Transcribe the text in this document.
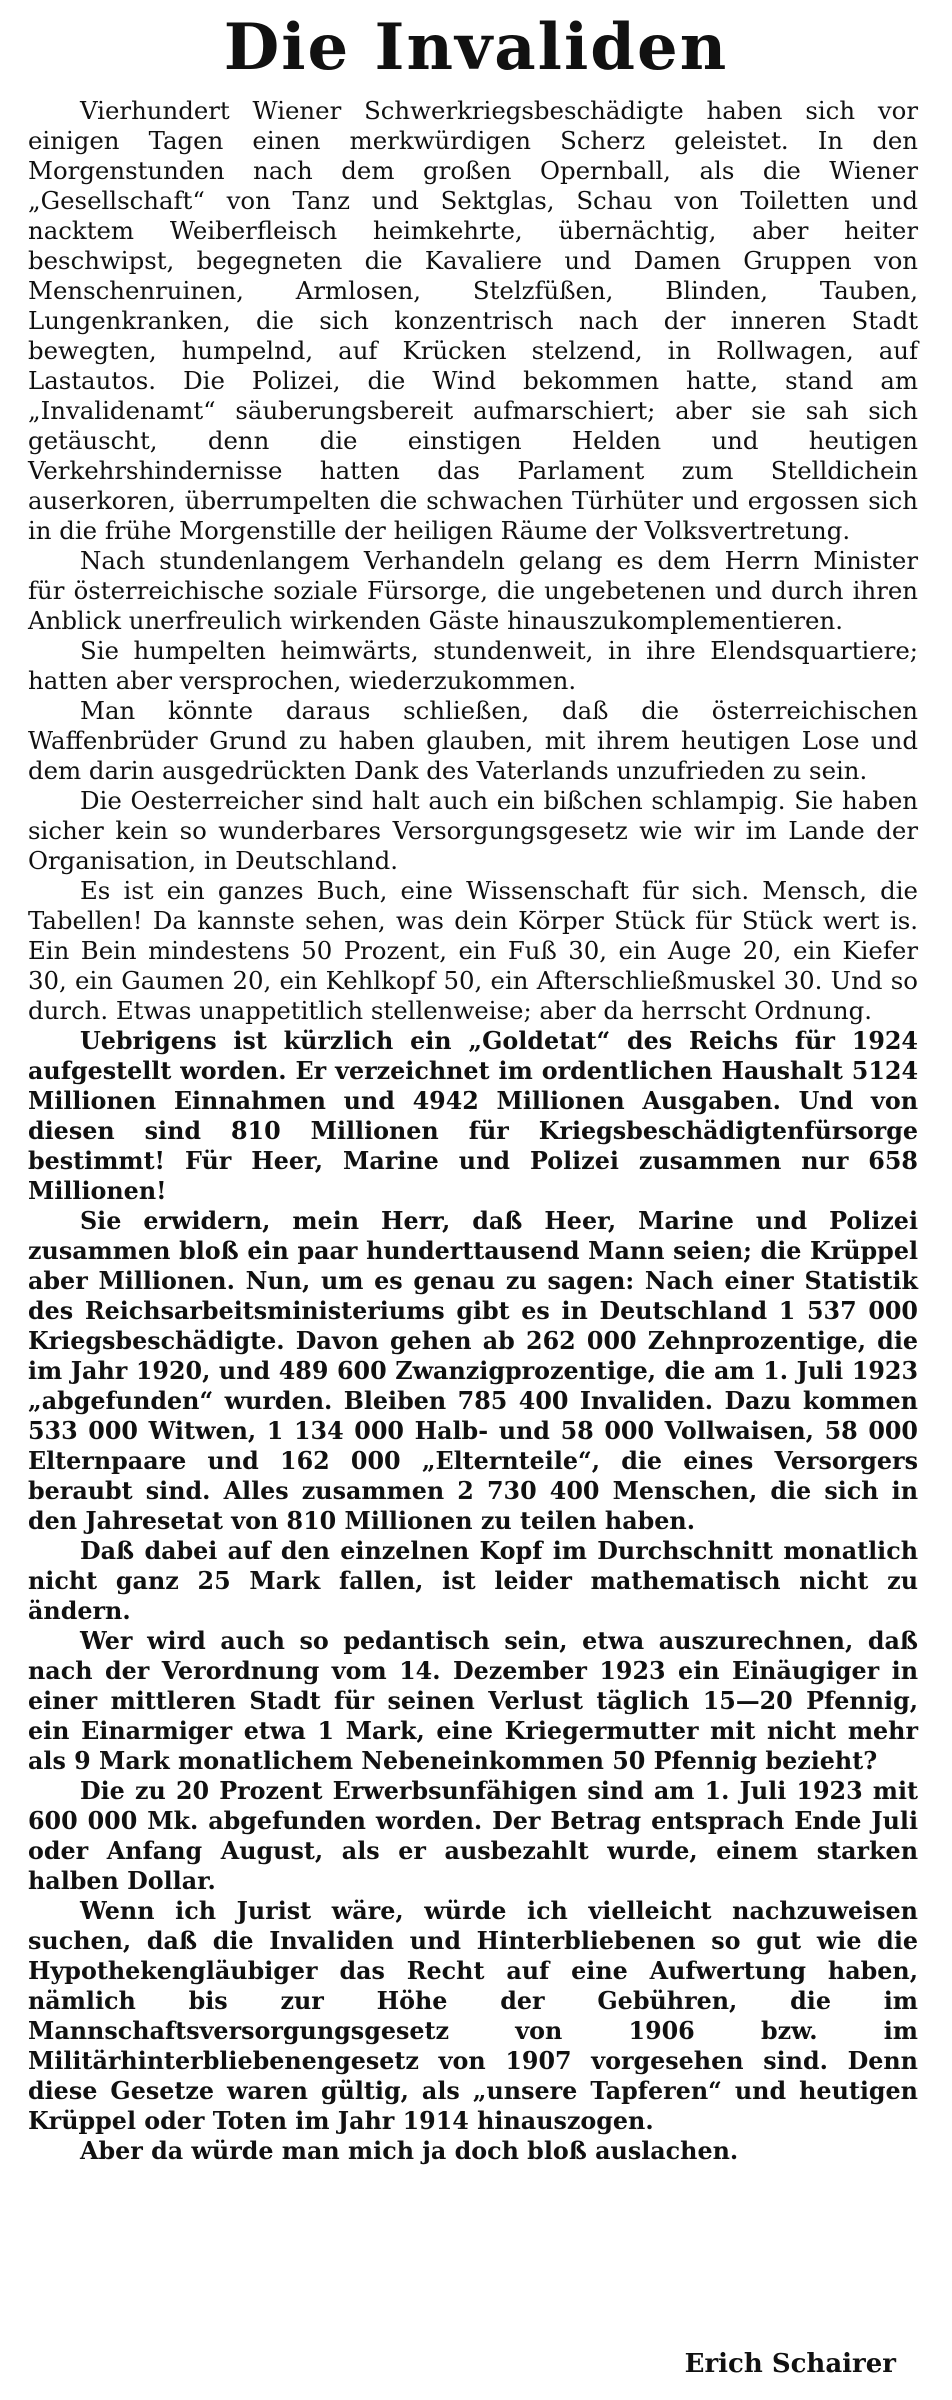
Die Invaliden

Vierhundert Wiener Schwerkriegsbeschädigte haben sich vor einigen Tagen einen merkwürdigen Scherz geleistet. In den Morgenstunden nach dem großen Opernball, als die Wiener „Gesellschaft“ von Tanz und Sektglas, Schau von Toiletten und nacktem Weiberfleisch heimkehrte, übernächtig, aber heiter beschwipst, begegneten die Kavaliere und Damen Gruppen von Menschenruinen, Armlosen, Stelzfüßen, Blinden, Tauben, Lungenkranken, die sich konzentrisch nach der inneren Stadt bewegten, humpelnd, auf Krücken stelzend, in Rollwagen, auf Lastautos. Die Polizei, die Wind bekommen hatte, stand am „Invalidenamt“ säuberungsbereit aufmarschiert; aber sie sah sich getäuscht, denn die einstigen Helden und heutigen Verkehrshindernisse hatten das Parlament zum Stelldichein auserkoren, überrumpelten die schwachen Türhüter und ergossen sich in die frühe Morgenstille der heiligen Räume der Volksvertretung.

Nach stundenlangem Verhandeln gelang es dem Herrn Minister für österreichische soziale Fürsorge, die ungebetenen und durch ihren Anblick unerfreulich wirkenden Gäste hinauszukomplementieren.

Sie humpelten heimwärts, stundenweit, in ihre Elendsquartiere; hatten aber versprochen, wiederzukommen.

Man könnte daraus schließen, daß die österreichischen Waffenbrüder Grund zu haben glauben, mit ihrem heutigen Lose und dem darin ausgedrückten Dank des Vaterlands unzufrieden zu sein.

Die Oesterreicher sind halt auch ein bißchen schlampig. Sie haben sicher kein so wunderbares Versorgungsgesetz wie wir im Lande der Organisation, in Deutschland.

Es ist ein ganzes Buch, eine Wissenschaft für sich. Mensch, die Tabellen! Da kannste sehen, was dein Körper Stück für Stück wert is. Ein Bein mindestens 50 Prozent, ein Fuß 30, ein Auge 20, ein Kiefer 30, ein Gaumen 20, ein Kehlkopf 50, ein Afterschließmuskel 30. Und so durch. Etwas unappetitlich stellenweise; aber da herrscht Ordnung.

Uebrigens ist kürzlich ein „Goldetat“ des Reichs für 1924 aufgestellt worden. Er verzeichnet im ordentlichen Haushalt 5124 Millionen Einnahmen und 4942 Millionen Ausgaben. Und von diesen sind 810 Millionen für Kriegsbeschädigtenfürsorge bestimmt! Für Heer, Marine und Polizei zusammen nur 658 Millionen!

Sie erwidern, mein Herr, daß Heer, Marine und Polizei zusammen bloß ein paar hunderttausend Mann seien; die Krüppel aber Millionen. Nun, um es genau zu sagen: Nach einer Statistik des Reichsarbeitsministeriums gibt es in Deutschland 1 537 000 Kriegsbeschädigte. Davon gehen ab 262 000 Zehnprozentige, die im Jahr 1920, und 489 600 Zwanzigprozentige, die am 1. Juli 1923 „abgefunden“ wurden. Bleiben 785 400 Invaliden. Dazu kommen 533 000 Witwen, 1 134 000 Halb- und 58 000 Vollwaisen, 58 000 Elternpaare und 162 000 „Elternteile“, die eines Versorgers beraubt sind. Alles zusammen 2 730 400 Menschen, die sich in den Jahresetat von 810 Millionen zu teilen haben.

Daß dabei auf den einzelnen Kopf im Durchschnitt monatlich nicht ganz 25 Mark fallen, ist leider mathematisch nicht zu ändern.

Wer wird auch so pedantisch sein, etwa auszurechnen, daß nach der Verordnung vom 14. Dezember 1923 ein Einäugiger in einer mittleren Stadt für seinen Verlust täglich 15—20 Pfennig, ein Einarmiger etwa 1 Mark, eine Kriegermutter mit nicht mehr als 9 Mark monatlichem Nebeneinkommen 50 Pfennig bezieht?

Die zu 20 Prozent Erwerbsunfähigen sind am 1. Juli 1923 mit 600 000 Mk. abgefunden worden. Der Betrag entsprach Ende Juli oder Anfang August, als er ausbezahlt wurde, einem starken halben Dollar.

Wenn ich Jurist wäre, würde ich vielleicht nachzuweisen suchen, daß die Invaliden und Hinterbliebenen so gut wie die Hypothekengläubiger das Recht auf eine Aufwertung haben, nämlich bis zur Höhe der Gebühren, die im Mannschaftsversorgungsgesetz von 1906 bzw. im Militärhinterbliebenengesetz von 1907 vorgesehen sind. Denn diese Gesetze waren gültig, als „unsere Tapferen“ und heutigen Krüppel oder Toten im Jahr 1914 hinauszogen.

Aber da würde man mich ja doch bloß auslachen.

Erich Schairer
